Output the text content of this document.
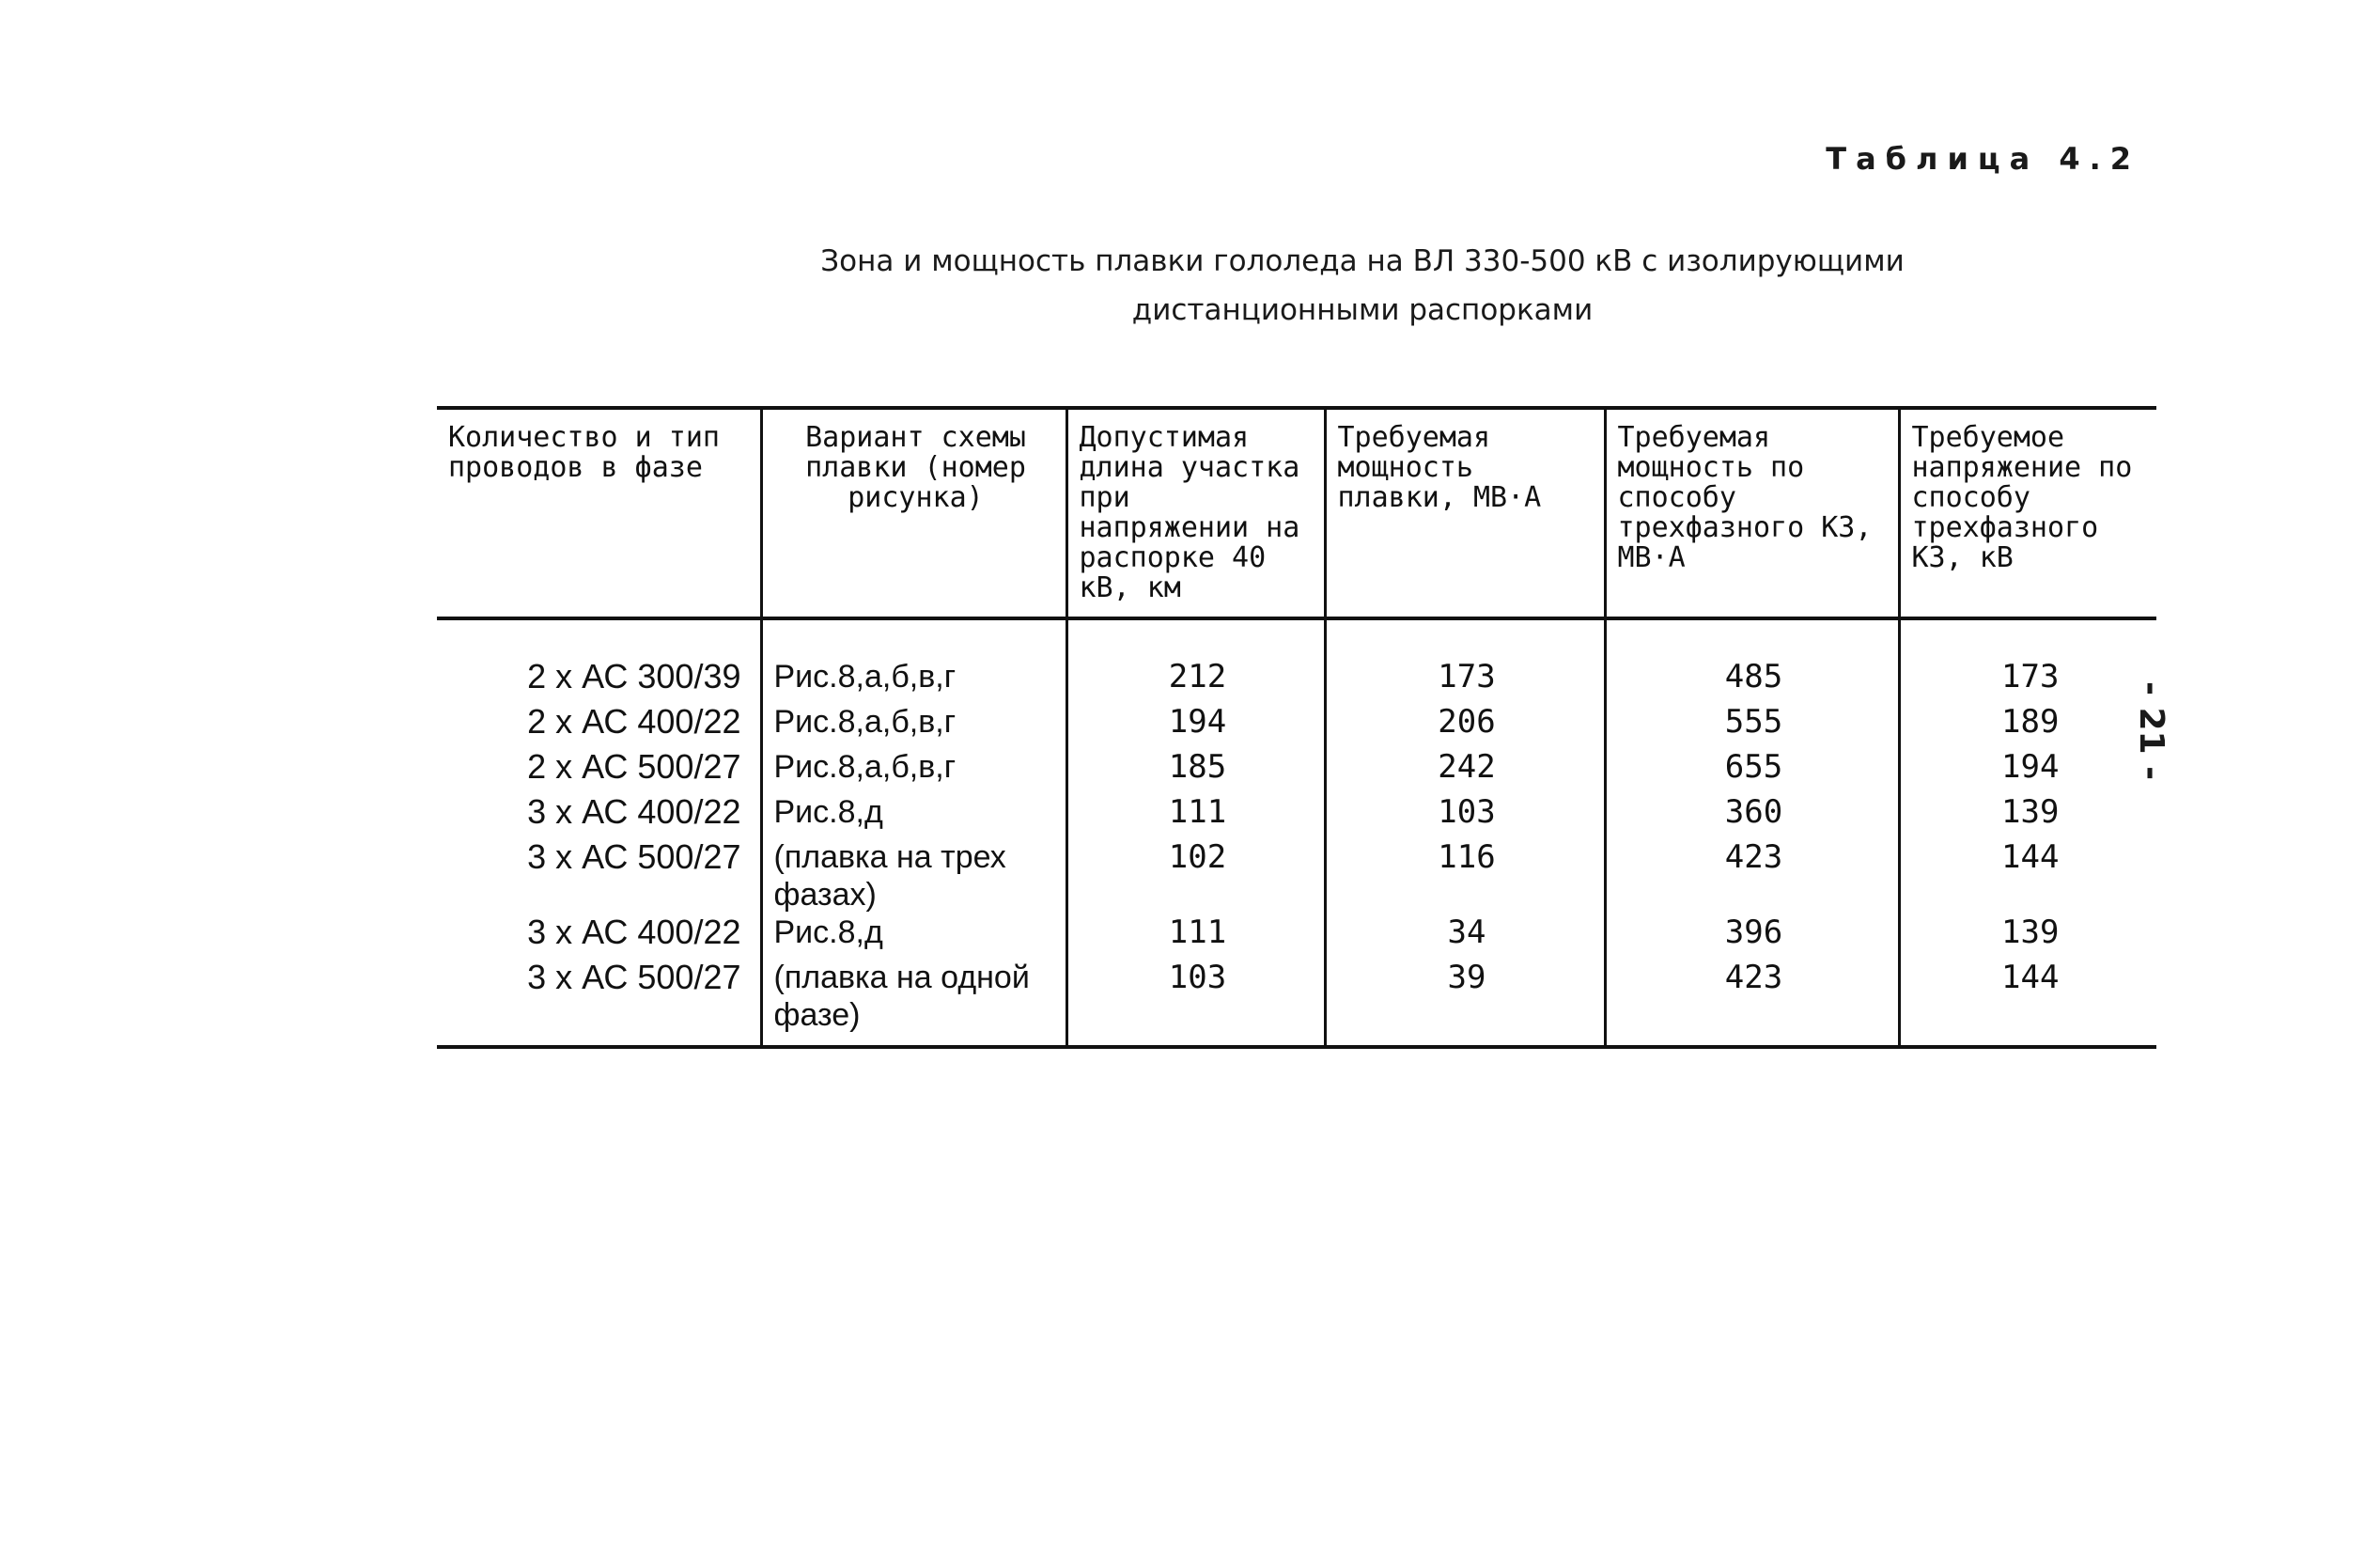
Таблица 4.2
Зона и мощность плавки гололеда на ВЛ 330-500 кВ с изолирующими
дистанционными распорками
- 21 -
Количество и тип проводов в фазе	Вариант схемы плавки (номер рисунка)	Допустимая длина участка при напряжении на распорке 40 кВ, км	Требуемая мощность плавки, МВ·А	Требуемая мощность по способу трехфазного КЗ, МВ·А	Требуемое напряжение по способу трехфазного КЗ, кВ
2 х АС 300/39	Рис.8,а,б,в,г	212	173	485	173
2 х АС 400/22	Рис.8,а,б,в,г	194	206	555	189
2 х АС 500/27	Рис.8,а,б,в,г	185	242	655	194
3 х АС 400/22	Рис.8,д	111	103	360	139
3 х АС 500/27	(плавка на трех фазах)	102	116	423	144
3 х АС 400/22	Рис.8,д	111	34	396	139
3 х АС 500/27	(плавка на одной фазе)	103	39	423	144
